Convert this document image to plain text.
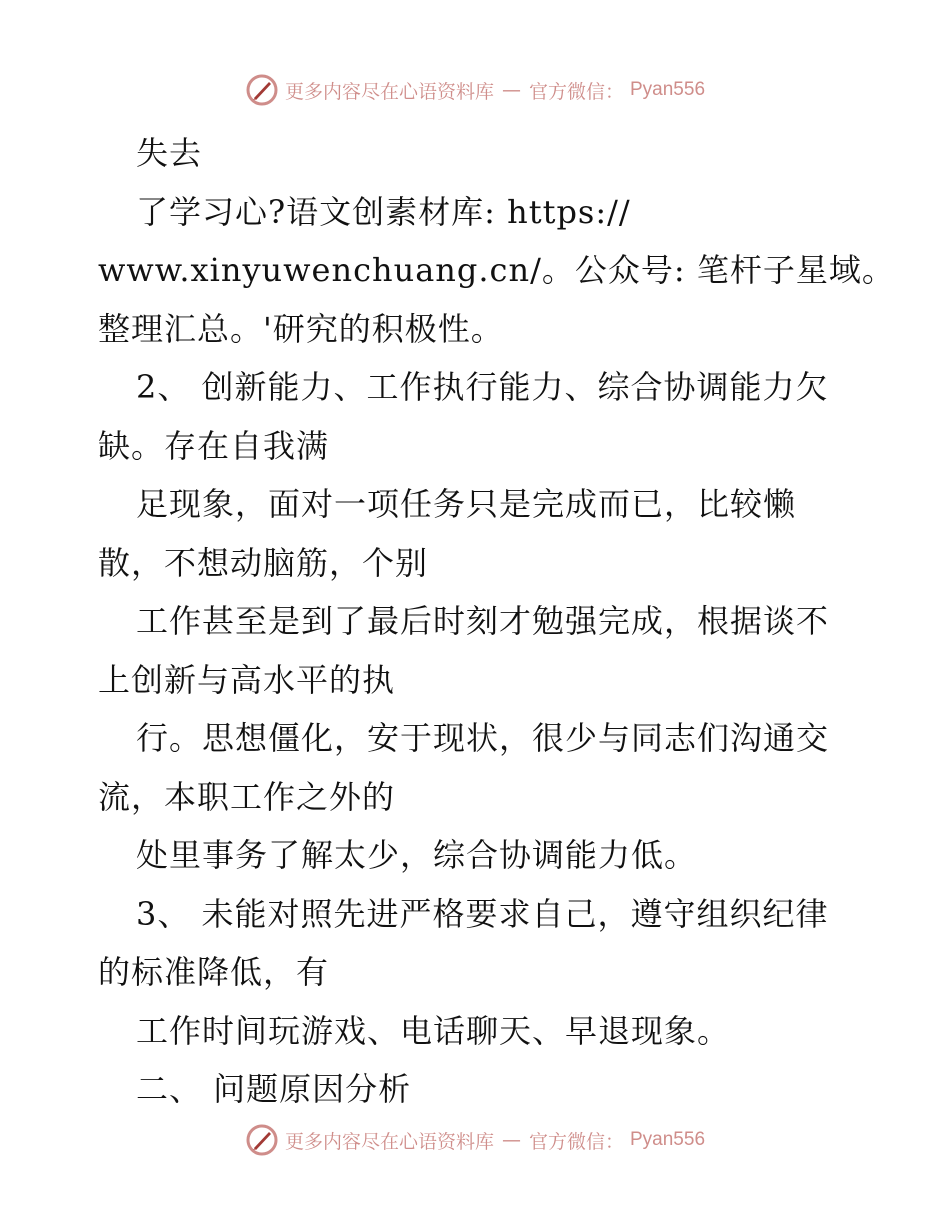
更多内容尽在心语资料库 — 官方微信： Pyan556
失去
了学习心?语文创素材库: https://
www.xinyuwenchuang.cn/。公众号: 笔杆子星域。
整理汇总。'研究的积极性。
2、 创新能力、工作执行能力、综合协调能力欠
缺。存在自我满
足现象，面对一项任务只是完成而已，比较懒
散，不想动脑筋，个别
工作甚至是到了最后时刻才勉强完成，根据谈不
上创新与高水平的执
行。思想僵化，安于现状，很少与同志们沟通交
流，本职工作之外的
处里事务了解太少，综合协调能力低。
3、 未能对照先进严格要求自己，遵守组织纪律
的标准降低，有
工作时间玩游戏、电话聊天、早退现象。
二、 问题原因分析
更多内容尽在心语资料库 — 官方微信： Pyan556
